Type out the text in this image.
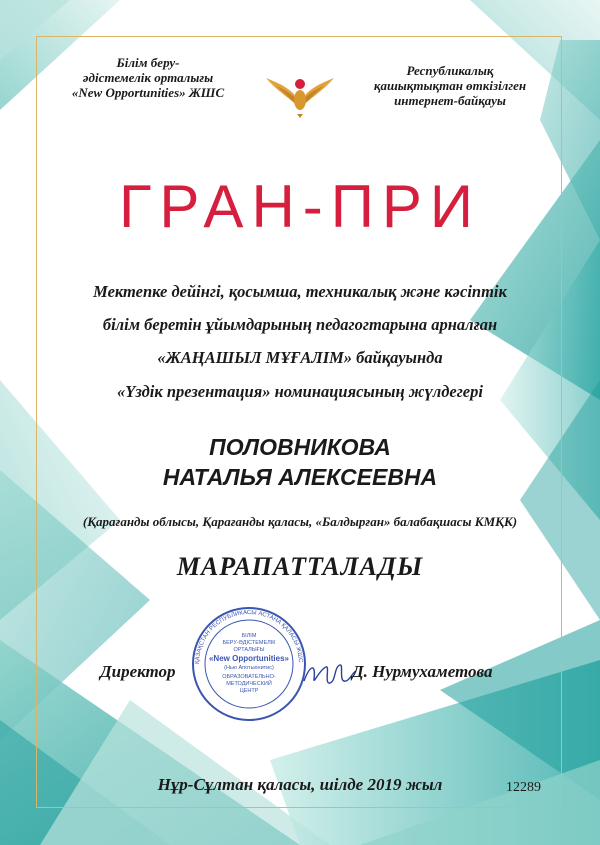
Білім беру-
әдістемелік орталығы
«New Opportunities» ЖШС
Республикалық
қашықтықтан өткізілген
интернет-байқауы
ГРАН-ПРИ
Мектепке дейінгі, қосымша, техникалық және кәсіптік
білім беретін ұйымдарының педагогтарына арналған
«ЖАҢАШЫЛ МҰҒАЛІМ» байқауында
«Үздік презентация» номинациясының жүлдегері
ПОЛОВНИКОВА
НАТАЛЬЯ АЛЕКСЕЕВНА
(Қарағанды облысы, Қарағанды қаласы, «Балдырған» балабақшасы КМҚК)
МАРАПАТТАЛАДЫ
Директор	ҚАЗАҚСТАН РЕСПУБЛИКАСЫ АСТАНА ҚАЛАСЫ ЖШС
БІЛІМ
БЕРУ-ӘДІСТЕМЕЛІК
ОРТАЛЫҒЫ
«New Opportunities»
(Нью Апотьюнитис)
ОБРАЗОВАТЕЛЬНО-
МЕТОДИЧЕСКИЙ
ЦЕНТР
Д. Нурмухаметова
Нұр-Сұлтан қаласы, шілде 2019 жыл	12289
